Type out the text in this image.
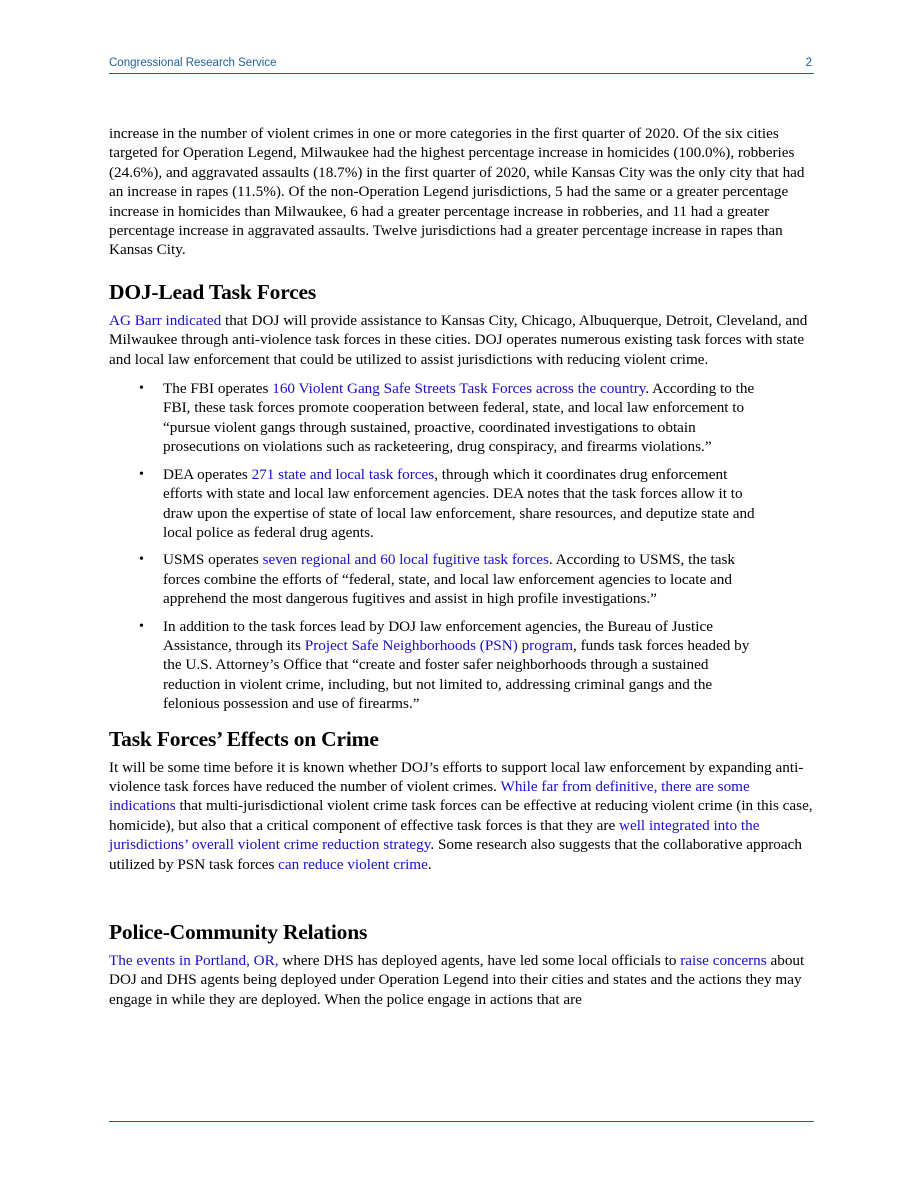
Congressional Research Service	2

increase in the number of violent crimes in one or more categories in the first quarter of 2020. Of the six cities targeted for Operation Legend, Milwaukee had the highest percentage increase in homicides (100.0%), robberies (24.6%), and aggravated assaults (18.7%) in the first quarter of 2020, while Kansas City was the only city that had an increase in rapes (11.5%). Of the non-Operation Legend jurisdictions, 5 had the same or a greater percentage increase in homicides than Milwaukee, 6 had a greater percentage increase in robberies, and 11 had a greater percentage increase in aggravated assaults. Twelve jurisdictions had a greater percentage increase in rapes than Kansas City.

DOJ-Lead Task Forces

AG Barr indicated that DOJ will provide assistance to Kansas City, Chicago, Albuquerque, Detroit, Cleveland, and Milwaukee through anti-violence task forces in these cities. DOJ operates numerous existing task forces with state and local law enforcement that could be utilized to assist jurisdictions with reducing violent crime.

• The FBI operates 160 Violent Gang Safe Streets Task Forces across the country. According to the FBI, these task forces promote cooperation between federal, state, and local law enforcement to “pursue violent gangs through sustained, proactive, coordinated investigations to obtain prosecutions on violations such as racketeering, drug conspiracy, and firearms violations.”
• DEA operates 271 state and local task forces, through which it coordinates drug enforcement efforts with state and local law enforcement agencies. DEA notes that the task forces allow it to draw upon the expertise of state of local law enforcement, share resources, and deputize state and local police as federal drug agents.
• USMS operates seven regional and 60 local fugitive task forces. According to USMS, the task forces combine the efforts of “federal, state, and local law enforcement agencies to locate and apprehend the most dangerous fugitives and assist in high profile investigations.”
• In addition to the task forces lead by DOJ law enforcement agencies, the Bureau of Justice Assistance, through its Project Safe Neighborhoods (PSN) program, funds task forces headed by the U.S. Attorney’s Office that “create and foster safer neighborhoods through a sustained reduction in violent crime, including, but not limited to, addressing criminal gangs and the felonious possession and use of firearms.”
Task Forces’ Effects on Crime

It will be some time before it is known whether DOJ’s efforts to support local law enforcement by expanding anti-violence task forces have reduced the number of violent crimes. While far from definitive, there are some indications that multi-jurisdictional violent crime task forces can be effective at reducing violent crime (in this case, homicide), but also that a critical component of effective task forces is that they are well integrated into the jurisdictions’ overall violent crime reduction strategy. Some research also suggests that the collaborative approach utilized by PSN task forces can reduce violent crime.

Police-Community Relations

The events in Portland, OR, where DHS has deployed agents, have led some local officials to raise concerns about DOJ and DHS agents being deployed under Operation Legend into their cities and states and the actions they may engage in while they are deployed. When the police engage in actions that are
